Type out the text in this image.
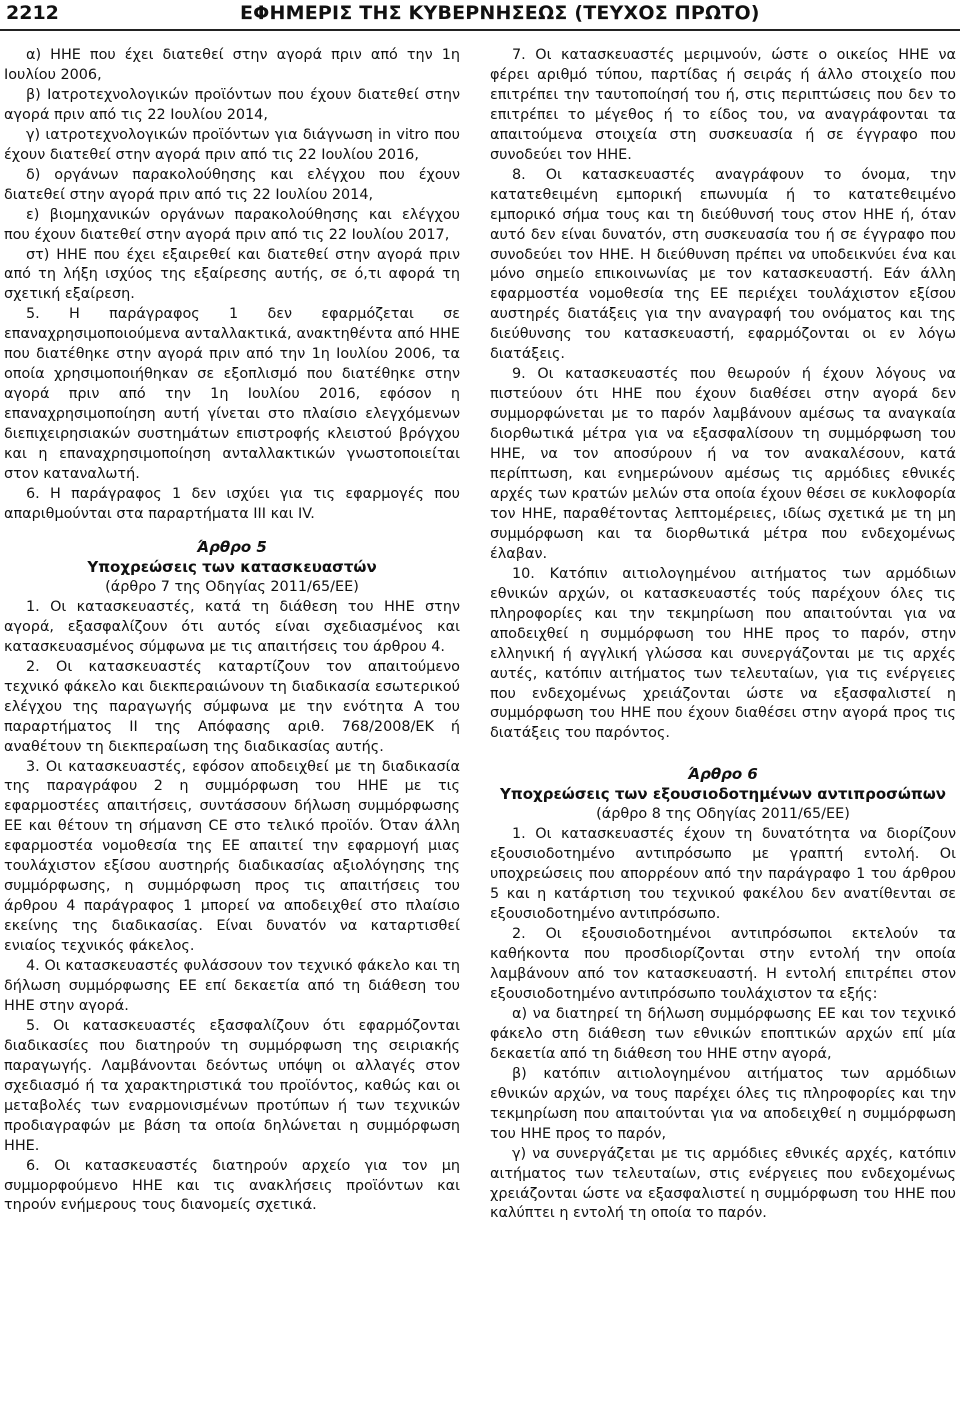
2212	ΕΦΗΜΕΡΙΣ ΤΗΣ ΚΥΒΕΡΝΗΣΕΩΣ (ΤΕΥΧΟΣ ΠΡΩΤΟ)

α) ΗΗΕ που έχει διατεθεί στην αγορά πριν από την 1η Ιουλίου 2006,

β) Ιατροτεχνολογικών προϊόντων που έχουν διατεθεί στην αγορά πριν από τις 22 Ιουλίου 2014,

γ) ιατροτεχνολογικών προϊόντων για διάγνωση in vitro που έχουν διατεθεί στην αγορά πριν από τις 22 Ιουλίου 2016,

δ) οργάνων παρακολούθησης και ελέγχου που έχουν διατεθεί στην αγορά πριν από τις 22 Ιουλίου 2014,

ε) βιομηχανικών οργάνων παρακολούθησης και ελέγχου που έχουν διατεθεί στην αγορά πριν από τις 22 Ιουλίου 2017,

στ) ΗΗΕ που έχει εξαιρεθεί και διατεθεί στην αγορά πριν από τη λήξη ισχύος της εξαίρεσης αυτής, σε ό,τι αφορά τη σχετική εξαίρεση.

5. Η παράγραφος 1 δεν εφαρμόζεται σε επαναχρησιμοποιούμενα ανταλλακτικά, ανακτηθέντα από ΗΗΕ που διατέθηκε στην αγορά πριν από την 1η Ιουλίου 2006, τα οποία χρησιμοποιήθηκαν σε εξοπλισμό που διατέθηκε στην αγορά πριν από την 1η Ιουλίου 2016, εφόσον η επαναχρησιμοποίηση αυτή γίνεται στο πλαίσιο ελεγχόμενων διεπιχειρησιακών συστημάτων επιστροφής κλειστού βρόγχου και η επαναχρησιμοποίηση ανταλλακτικών γνωστοποιείται στον καταναλωτή.

6. Η παράγραφος 1 δεν ισχύει για τις εφαρμογές που απαριθμούνται στα παραρτήματα III και IV.

Άρθρο 5

Υποχρεώσεις των κατασκευαστών

(άρθρο 7 της Οδηγίας 2011/65/ΕΕ)

1. Οι κατασκευαστές, κατά τη διάθεση του ΗΗΕ στην αγορά, εξασφαλίζουν ότι αυτός είναι σχεδιασμένος και κατασκευασμένος σύμφωνα με τις απαιτήσεις του άρθρου 4.

2. Οι κατασκευαστές καταρτίζουν τον απαιτούμενο τεχνικό φάκελο και διεκπεραιώνουν τη διαδικασία εσωτερικού ελέγχου της παραγωγής σύμφωνα με την ενότητα Α του παραρτήματος ΙΙ της Απόφασης αριθ. 768/2008/ΕΚ ή αναθέτουν τη διεκπεραίωση της διαδικασίας αυτής.

3. Οι κατασκευαστές, εφόσον αποδειχθεί με τη διαδικασία της παραγράφου 2 η συμμόρφωση του ΗΗΕ με τις εφαρμοστέες απαιτήσεις, συντάσσουν δήλωση συμμόρφωσης ΕΕ και θέτουν τη σήμανση CE στο τελικό προϊόν. Όταν άλλη εφαρμοστέα νομοθεσία της ΕΕ απαιτεί την εφαρμογή μιας τουλάχιστον εξίσου αυστηρής διαδικασίας αξιολόγησης της συμμόρφωσης, η συμμόρφωση προς τις απαιτήσεις του άρθρου 4 παράγραφος 1 μπορεί να αποδειχθεί στο πλαίσιο εκείνης της διαδικασίας. Είναι δυνατόν να καταρτισθεί ενιαίος τεχνικός φάκελος.

4. Οι κατασκευαστές φυλάσσουν τον τεχνικό φάκελο και τη δήλωση συμμόρφωσης ΕΕ επί δεκαετία από τη διάθεση του ΗΗΕ στην αγορά.

5. Οι κατασκευαστές εξασφαλίζουν ότι εφαρμόζονται διαδικασίες που διατηρούν τη συμμόρφωση της σειριακής παραγωγής. Λαμβάνονται δεόντως υπόψη οι αλλαγές στον σχεδιασμό ή τα χαρακτηριστικά του προϊόντος, καθώς και οι μεταβολές των εναρμονισμένων προτύπων ή των τεχνικών προδιαγραφών με βάση τα οποία δηλώνεται η συμμόρφωση ΗΗΕ.

6. Οι κατασκευαστές διατηρούν αρχείο για τον μη συμμορφούμενο ΗΗΕ και τις ανακλήσεις προϊόντων και τηρούν ενήμερους τους διανομείς σχετικά.

7. Οι κατασκευαστές μεριμνούν, ώστε ο οικείος ΗΗΕ να φέρει αριθμό τύπου, παρτίδας ή σειράς ή άλλο στοιχείο που επιτρέπει την ταυτοποίησή του ή, στις περιπτώσεις που δεν το επιτρέπει το μέγεθος ή το είδος του, να αναγράφονται τα απαιτούμενα στοιχεία στη συσκευασία ή σε έγγραφο που συνοδεύει τον ΗΗΕ.

8. Οι κατασκευαστές αναγράφουν το όνομα, την κατατεθειμένη εμπορική επωνυμία ή το κατατεθειμένο εμπορικό σήμα τους και τη διεύθυνσή τους στον ΗΗΕ ή, όταν αυτό δεν είναι δυνατόν, στη συσκευασία του ή σε έγγραφο που συνοδεύει τον ΗΗΕ. Η διεύθυνση πρέπει να υποδεικνύει ένα και μόνο σημείο επικοινωνίας με τον κατασκευαστή. Εάν άλλη εφαρμοστέα νομοθεσία της ΕΕ περιέχει τουλάχιστον εξίσου αυστηρές διατάξεις για την αναγραφή του ονόματος και της διεύθυνσης του κατασκευαστή, εφαρμόζονται οι εν λόγω διατάξεις.

9. Οι κατασκευαστές που θεωρούν ή έχουν λόγους να πιστεύουν ότι ΗΗΕ που έχουν διαθέσει στην αγορά δεν συμμορφώνεται με το παρόν λαμβάνουν αμέσως τα αναγκαία διορθωτικά μέτρα για να εξασφαλίσουν τη συμμόρφωση του ΗΗΕ, να τον αποσύρουν ή να τον ανακαλέσουν, κατά περίπτωση, και ενημερώνουν αμέσως τις αρμόδιες εθνικές αρχές των κρατών μελών στα οποία έχουν θέσει σε κυκλοφορία τον ΗΗΕ, παραθέτοντας λεπτομέρειες, ιδίως σχετικά με τη μη συμμόρφωση και τα διορθωτικά μέτρα που ενδεχομένως έλαβαν.

10. Κατόπιν αιτιολογημένου αιτήματος των αρμόδιων εθνικών αρχών, οι κατασκευαστές τούς παρέχουν όλες τις πληροφορίες και την τεκμηρίωση που απαιτούνται για να αποδειχθεί η συμμόρφωση του ΗΗΕ προς το παρόν, στην ελληνική ή αγγλική γλώσσα και συνεργάζονται με τις αρχές αυτές, κατόπιν αιτήματος των τελευταίων, για τις ενέργειες που ενδεχομένως χρειάζονται ώστε να εξασφαλιστεί η συμμόρφωση του ΗΗΕ που έχουν διαθέσει στην αγορά προς τις διατάξεις του παρόντος.

Άρθρο 6

Υποχρεώσεις των εξουσιοδοτημένων αντιπροσώπων

(άρθρο 8 της Οδηγίας 2011/65/ΕΕ)

1. Οι κατασκευαστές έχουν τη δυνατότητα να διορίζουν εξουσιοδοτημένο αντιπρόσωπο με γραπτή εντολή. Οι υποχρεώσεις που απορρέουν από την παράγραφο 1 του άρθρου 5 και η κατάρτιση του τεχνικού φακέλου δεν ανατίθενται σε εξουσιοδοτημένο αντιπρόσωπο.

2. Οι εξουσιοδοτημένοι αντιπρόσωποι εκτελούν τα καθήκοντα που προσδιορίζονται στην εντολή την οποία λαμβάνουν από τον κατασκευαστή. Η εντολή επιτρέπει στον εξουσιοδοτημένο αντιπρόσωπο τουλάχιστον τα εξής:

α) να διατηρεί τη δήλωση συμμόρφωσης ΕΕ και τον τεχνικό φάκελο στη διάθεση των εθνικών εποπτικών αρχών επί μία δεκαετία από τη διάθεση του ΗΗΕ στην αγορά,

β) κατόπιν αιτιολογημένου αιτήματος των αρμόδιων εθνικών αρχών, να τους παρέχει όλες τις πληροφορίες και την τεκμηρίωση που απαιτούνται για να αποδειχθεί η συμμόρφωση του ΗΗΕ προς το παρόν,

γ) να συνεργάζεται με τις αρμόδιες εθνικές αρχές, κατόπιν αιτήματος των τελευταίων, στις ενέργειες που ενδεχομένως χρειάζονται ώστε να εξασφαλιστεί η συμμόρφωση του ΗΗΕ που καλύπτει η εντολή τη οποία το παρόν.
